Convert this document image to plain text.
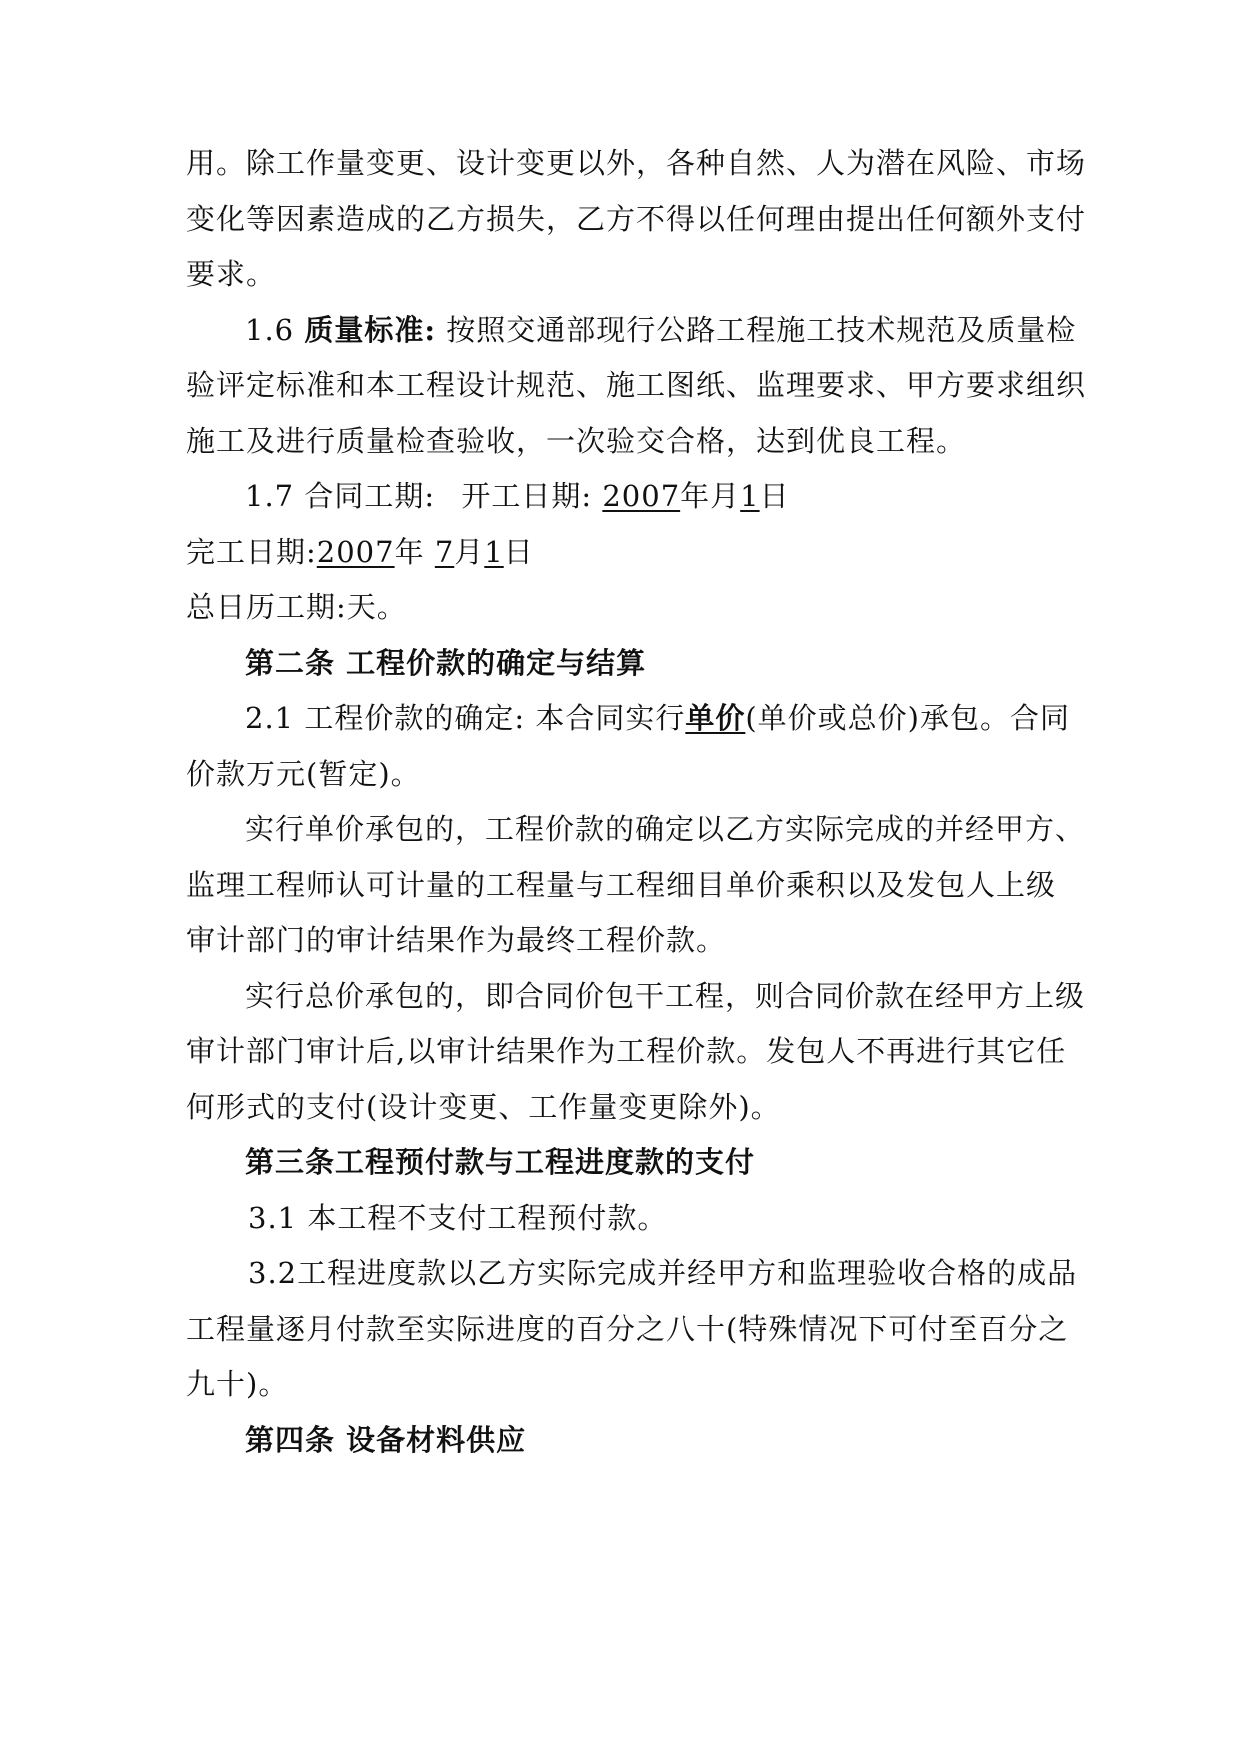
用。除工作量变更、设计变更以外，各种自然、人为潜在风险、市场
变化等因素造成的乙方损失，乙方不得以任何理由提出任何额外支付
要求。
1.6 质量标准: 按照交通部现行公路工程施工技术规范及质量检
验评定标准和本工程设计规范、施工图纸、监理要求、甲方要求组织
施工及进行质量检查验收，一次验交合格，达到优良工程。
1.7 合同工期: 开工日期: 2007年月1日
完工日期:2007年 7月1日
总日历工期:天。
第二条 工程价款的确定与结算
2.1 工程价款的确定: 本合同实行单价(单价或总价)承包。合同
价款万元(暂定)。
实行单价承包的，工程价款的确定以乙方实际完成的并经甲方、
监理工程师认可计量的工程量与工程细目单价乘积以及发包人上级
审计部门的审计结果作为最终工程价款。
实行总价承包的，即合同价包干工程，则合同价款在经甲方上级
审计部门审计后,以审计结果作为工程价款。发包人不再进行其它任
何形式的支付(设计变更、工作量变更除外)。
第三条工程预付款与工程进度款的支付
3.1 本工程不支付工程预付款。
3.2工程进度款以乙方实际完成并经甲方和监理验收合格的成品
工程量逐月付款至实际进度的百分之八十(特殊情况下可付至百分之
九十)。
第四条 设备材料供应
